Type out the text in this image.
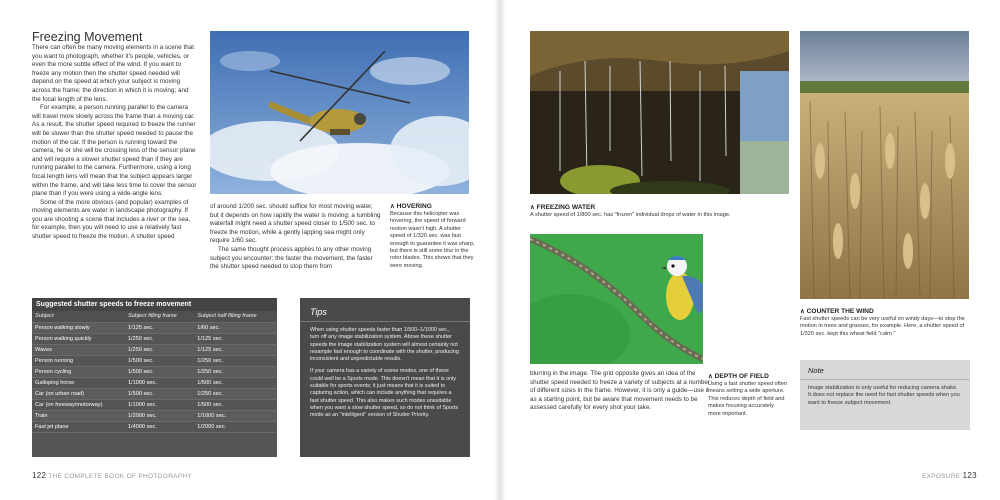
Freezing Movement

There can often be many moving elements in a scene that you want to photograph, whether it's people, vehicles, or even the more subtle effect of the wind. If you want to freeze any motion then the shutter speed needed will depend on the speed at which your subject is moving across the frame; the direction in which it is moving; and the focal length of the lens.

For example, a person running parallel to the camera will travel more slowly across the frame than a moving car. As a result, the shutter speed required to freeze the runner will be slower than the shutter speed needed to pause the motion of the car. If the person is running toward the camera, he or she will be crossing less of the sensor plane and will require a slower shutter speed than if they are running parallel to the camera. Furthermore, using a long focal length lens will mean that the subject appears larger within the frame, and will take less time to cover the sensor plane than if you were using a wide-angle lens.

Some of the more obvious (and popular) examples of moving elements are water in landscape photography. If you are shooting a scene that includes a river or the sea, for example, then you will need to use a relatively fast shutter speed to freeze the motion. A shutter speed

∧ HOVERING
Because this helicopter was hovering, the speed of forward motion wasn't high. A shutter speed of 1/320 sec. was fast enough to guarantee it was sharp, but there is still some blur in the rotor blades. This shows that they were moving.

of around 1/200 sec. should suffice for most moving water, but it depends on how rapidly the water is moving: a tumbling waterfall might need a shutter speed closer to 1/500 sec. to freeze the motion, while a gently lapping sea might only require 1/60 sec.

The same thought process applies to any other moving subject you encounter: the faster the movement, the faster the shutter speed needed to stop them from

Suggested shutter speeds to freeze movement
Subject	Subject filling frame	Subject half filling frame
Person walking slowly	1/125 sec.	1/60 sec.
Person walking quickly	1/250 sec.	1/125 sec.
Waves	1/250 sec.	1/125 sec.
Person running	1/500 sec.	1/250 sec.
Person cycling	1/500 sec.	1/250 sec.
Galloping horse	1/1000 sec.	1/500 sec.
Car (on urban road)	1/500 sec.	1/250 sec.
Car (on freeway/motorway)	1/1000 sec.	1/500 sec.
Train	1/2000 sec.	1/1000 sec.
Fast jet plane	1/4000 sec.	1/2000 sec.
Tips
When using shutter speeds faster than 1/500–1/1000 sec., turn off any image stabilization system. Above these shutter speeds the image stabilization system will almost certainly not resample fast enough to coordinate with the shutter, producing inconsistent and unpredictable results.
If your camera has a variety of scene modes, one of these could well be a Sports mode. This doesn't mean that it is only suitable for sports events; it just means that it is suited to capturing action, which can include anything that requires a fast shutter speed. This also makes such modes unsuitable when you want a slow shutter speed, so do not think of Sports mode as an "intelligent" version of Shutter Priority.
122 THE COMPLETE BOOK OF PHOTOGRAPHY
∧ FREEZING WATER
A shutter speed of 1/800 sec. has "frozen" individual drops of water in this image.
∧ DEPTH OF FIELD
Using a fast shutter speed often means setting a wide aperture. This reduces depth of field and makes focusing accurately more important.
∧ COUNTER THE WIND
Fast shutter speeds can be very useful on windy days—to stop the motion in trees and grasses, for example. Here, a shutter speed of 1/320 sec. kept this wheat field "calm."

blurring in the image. The grid opposite gives an idea of the shutter speed needed to freeze a variety of subjects at a number of different sizes in the frame. However, it is only a guide—use it as a starting point, but be aware that movement needs to be assessed carefully for every shot your take.

Note
Image stabilization is only useful for reducing camera shake. It does not replace the need for fast shutter speeds when you want to freeze subject movement.
EXPOSURE 123
